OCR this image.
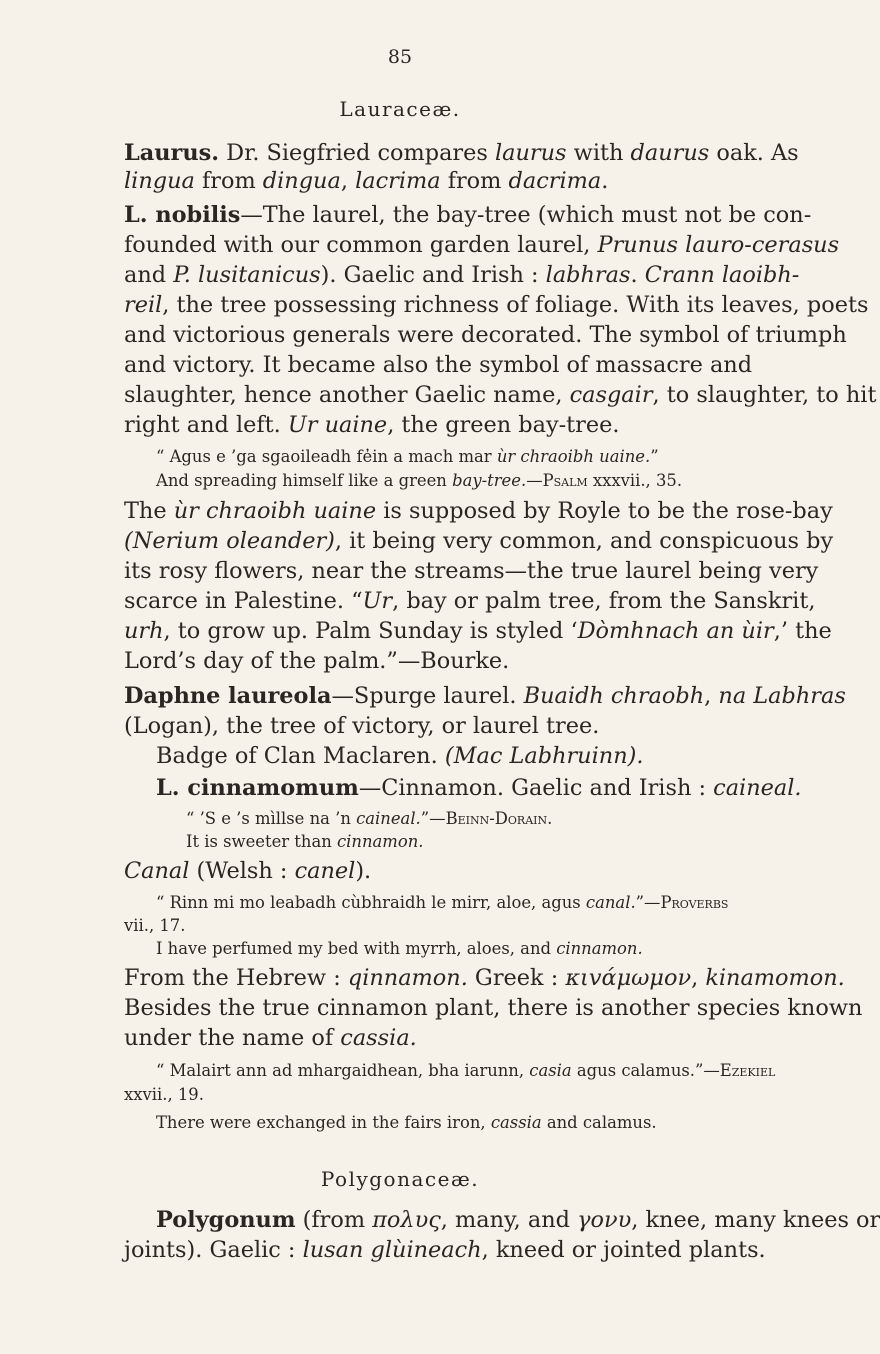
85
Lauraceæ.
Laurus. Dr. Siegfried compares laurus with daurus oak. As
lingua from dingua, lacrima from dacrima.
L. nobilis—The laurel, the bay-tree (which must not be con-
founded with our common garden laurel, Prunus lauro-cerasus
and P. lusitanicus). Gaelic and Irish : labhras. Crann laoibh-
reil, the tree possessing richness of foliage. With its leaves, poets
and victorious generals were decorated. The symbol of triumph
and victory. It became also the symbol of massacre and
slaughter, hence another Gaelic name, casgair, to slaughter, to hit
right and left. Ur uaine, the green bay-tree.
“ Agus e ’ga sgaoileadh fe̓in a mach mar ùr chraoibh uaine.”
And spreading himself like a green bay-tree.—Psalm xxxvii., 35.
The ùr chraoibh uaine is supposed by Royle to be the rose-bay
(Nerium oleander), it being very common, and conspicuous by
its rosy flowers, near the streams—the true laurel being very
scarce in Palestine. “Ur, bay or palm tree, from the Sanskrit,
urh, to grow up. Palm Sunday is styled ‘Dòmhnach an ùir,’ the
Lord’s day of the palm.”—Bourke.
Daphne laureola—Spurge laurel. Buaidh chraobh, na Labhras
(Logan), the tree of victory, or laurel tree.
Badge of Clan Maclaren. (Mac Labhruinn).
L. cinnamomum—Cinnamon. Gaelic and Irish : caineal.
“ ’S e ’s mìllse na ’n caineal.”—Beinn-Dorain.
It is sweeter than cinnamon.
Canal (Welsh : canel).
“ Rinn mi mo leabadh cùbhraidh le mirr, aloe, agus canal.”—Proverbs
vii., 17.
I have perfumed my bed with myrrh, aloes, and cinnamon.
From the Hebrew : qinnamon. Greek : κιvάμωμον, kinamomon.
Besides the true cinnamon plant, there is another species known
under the name of cassia.
“ Malairt ann ad mhargaidhean, bha iarunn, casia agus calamus.”—Ezekiel
xxvii., 19.
There were exchanged in the fairs iron, cassia and calamus.
Polygonaceæ.
Polygonum (from πολυς, many, and γονυ, knee, many knees or
joints). Gaelic : lusan glùineach, kneed or jointed plants.
